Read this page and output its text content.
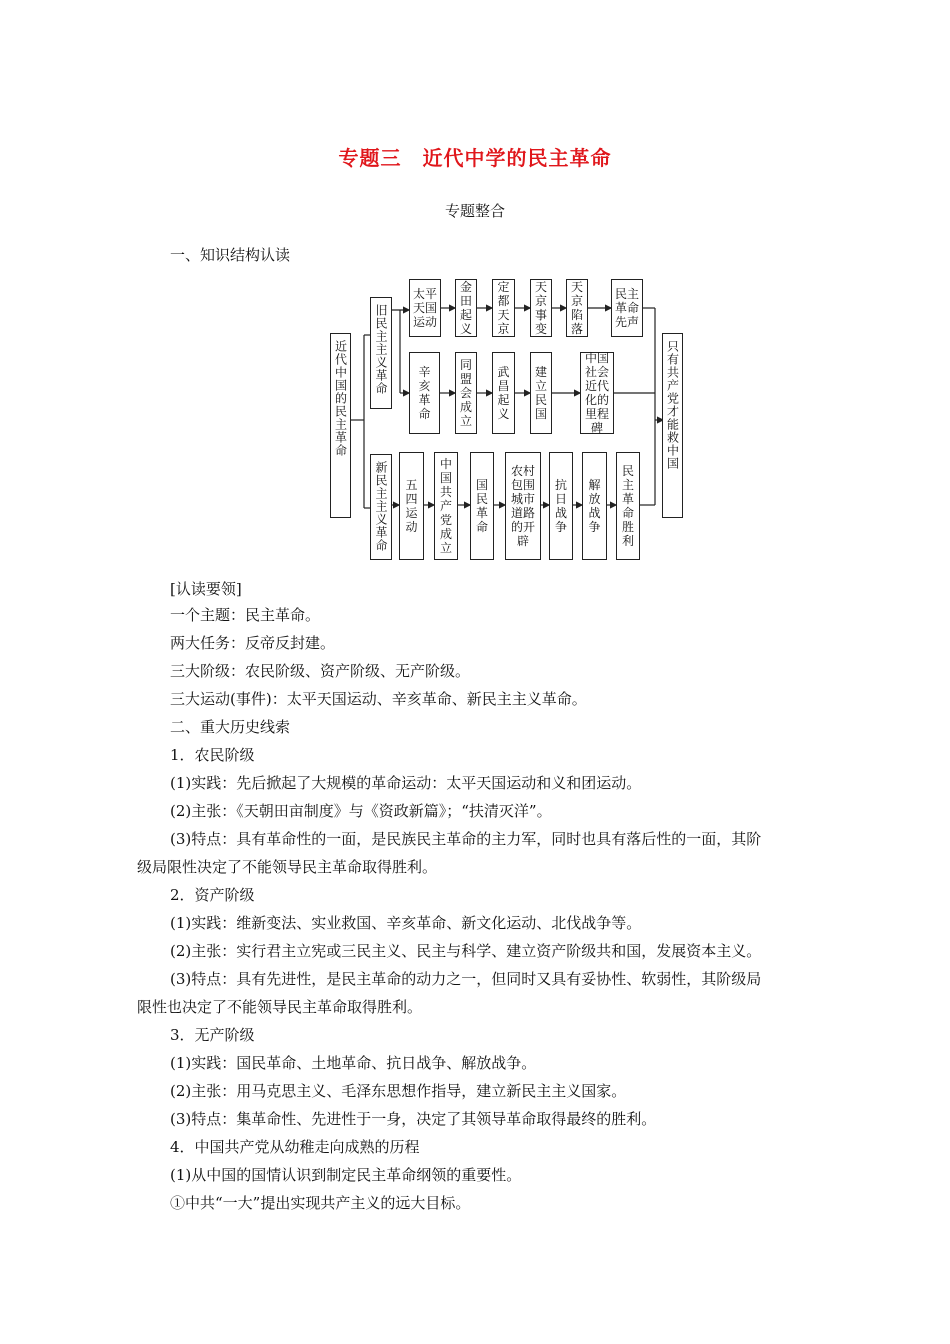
专题三　近代中学的民主革命
专题整合
一、知识结构认读
近代中国的民主革命 旧民主主义革命
新民主主义革命
只有共产党才能救中国
太平天国运动
金田起义
定都天京
天京事变
天京陷落
民主革命先声
辛亥革命
同盟会成立
武昌起义
建立民国
中国社会近代化的里程碑
五四运动
中国共产党成立
国民革命
农村包围城市道路的开辟
抗日战争
解放战争
民主革命胜利
[认读要领]
一个主题：民主革命。
两大任务：反帝反封建。
三大阶级：农民阶级、资产阶级、无产阶级。
三大运动(事件)：太平天国运动、辛亥革命、新民主主义革命。
二、重大历史线索
1．农民阶级
(1)实践：先后掀起了大规模的革命运动：太平天国运动和义和团运动。
(2)主张：《天朝田亩制度》与《资政新篇》；“扶清灭洋”。
(3)特点：具有革命性的一面，是民族民主革命的主力军，同时也具有落后性的一面，其阶
级局限性决定了不能领导民主革命取得胜利。
2．资产阶级
(1)实践：维新变法、实业救国、辛亥革命、新文化运动、北伐战争等。
(2)主张：实行君主立宪或三民主义、民主与科学、建立资产阶级共和国，发展资本主义。
(3)特点：具有先进性，是民主革命的动力之一，但同时又具有妥协性、软弱性，其阶级局
限性也决定了不能领导民主革命取得胜利。
3．无产阶级
(1)实践：国民革命、土地革命、抗日战争、解放战争。
(2)主张：用马克思主义、毛泽东思想作指导，建立新民主主义国家。
(3)特点：集革命性、先进性于一身，决定了其领导革命取得最终的胜利。
4．中国共产党从幼稚走向成熟的历程
(1)从中国的国情认识到制定民主革命纲领的重要性。
①中共“一大”提出实现共产主义的远大目标。
